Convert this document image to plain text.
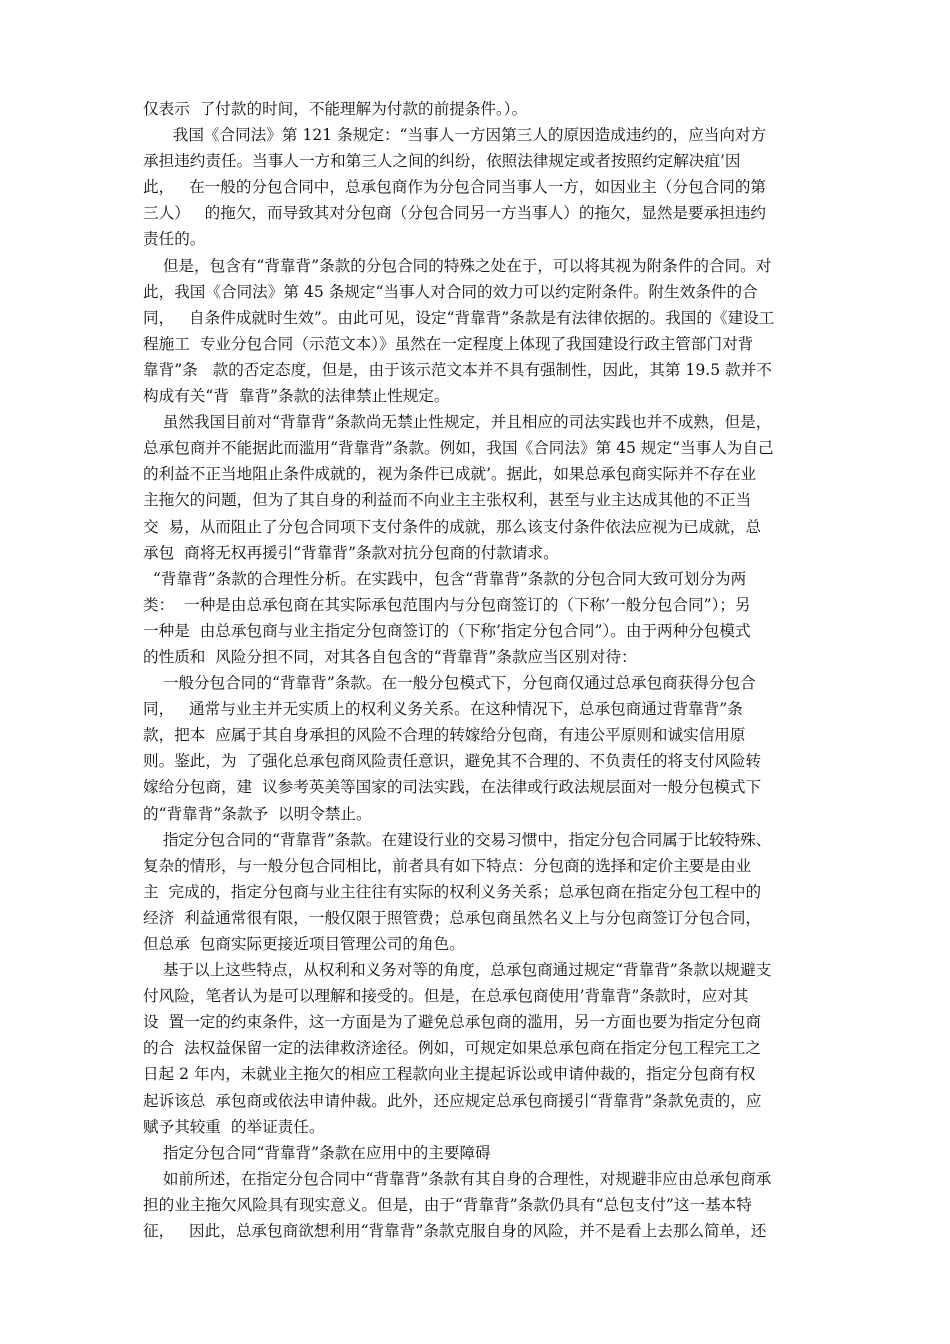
仅表示  了付款的时间，不能理解为付款的前提条件。）。
我国《合同法》第 121 条规定：“当事人一方因第三人的原因造成违约的，应当向对方
承担违约责任。当事人一方和第三人之间的纠纷，依照法律规定或者按照约定解决疽’因
此，   在一般的分包合同中，总承包商作为分包合同当事人一方，如因业主（分包合同的第
三人）   的拖欠，而导致其对分包商（分包合同另一方当事人）的拖欠，显然是要承担违约
责任的。
但是，包含有“背靠背”条款的分包合同的特殊之处在于，可以将其视为附条件的合同。对
此，我国《合同法》第 45 条规定“当事人对合同的效力可以约定附条件。附生效条件的合
同，   自条件成就时生效”。由此可见，设定“背靠背”条款是有法律依据的。我国的《建设工
程施工  专业分包合同（示范文本）》虽然在一定程度上体现了我国建设行政主管部门对背
靠背”条   款的否定态度，但是，由于该示范文本并不具有强制性，因此，其第 19.5 款并不
构成有关“背  靠背”条款的法律禁止性规定。
虽然我国目前对“背靠背”条款尚无禁止性规定，并且相应的司法实践也并不成熟，但是，
总承包商并不能据此而滥用“背靠背”条款。例如，我国《合同法》第 45 规定“当事人为自己
的利益不正当地阻止条件成就的，视为条件已成就’。据此，如果总承包商实际并不存在业
主拖欠的问题，但为了其自身的利益而不向业主主张权利，甚至与业主达成其他的不正当
交  易，从而阻止了分包合同项下支付条件的成就，那么该支付条件依法应视为已成就，总
承包  商将无权再援引“背靠背”条款对抗分包商的付款请求。
“背靠背”条款的合理性分析。在实践中，包含“背靠背”条款的分包合同大致可划分为两
类：  一种是由总承包商在其实际承包范围内与分包商签订的（下称’一般分包合同”）；另
一种是  由总承包商与业主指定分包商签订的（下称’指定分包合同”）。由于两种分包模式
的性质和  风险分担不同，对其各自包含的“背靠背”条款应当区别对待：
一般分包合同的“背靠背”条款。在一般分包模式下，分包商仅通过总承包商获得分包合
同，   通常与业主并无实质上的权利义务关系。在这种情况下，总承包商通过背靠背”条
款，把本  应属于其自身承担的风险不合理的转嫁给分包商，有违公平原则和诚实信用原
则。鉴此，为  了强化总承包商风险责任意识，避免其不合理的、不负责任的将支付风险转
嫁给分包商，建  议参考英美等国家的司法实践，在法律或行政法规层面对一般分包模式下
的“背靠背”条款予  以明令禁止。
指定分包合同的“背靠背”条款。在建设行业的交易习惯中，指定分包合同属于比较特殊、
复杂的情形，与一般分包合同相比，前者具有如下特点：分包商的选择和定价主要是由业
主  完成的，指定分包商与业主往往有实际的权利义务关系；总承包商在指定分包工程中的
经济  利益通常很有限，一般仅限于照管费；总承包商虽然名义上与分包商签订分包合同，
但总承  包商实际更接近项目管理公司的角色。
基于以上这些特点，从权利和义务对等的角度，总承包商通过规定“背靠背”条款以规避支
付风险，笔者认为是可以理解和接受的。但是，在总承包商使用’背靠背”条款时，应对其
设  置一定的约束条件，这一方面是为了避免总承包商的滥用，另一方面也要为指定分包商
的合  法权益保留一定的法律救济途径。例如，可规定如果总承包商在指定分包工程完工之
日起 2 年内，未就业主拖欠的相应工程款向业主提起诉讼或申请仲裁的，指定分包商有权
起诉该总  承包商或依法申请仲裁。此外，还应规定总承包商援引“背靠背”条款免责的，应
赋予其较重  的举证责任。
指定分包合同“背靠背”条款在应用中的主要障碍
如前所述，在指定分包合同中“背靠背”条款有其自身的合理性，对规避非应由总承包商承
担的业主拖欠风险具有现实意义。但是，由于“背靠背”条款仍具有“总包支付”这一基本特
征，   因此，总承包商欲想利用“背靠背”条款克服自身的风险，并不是看上去那么简单，还
